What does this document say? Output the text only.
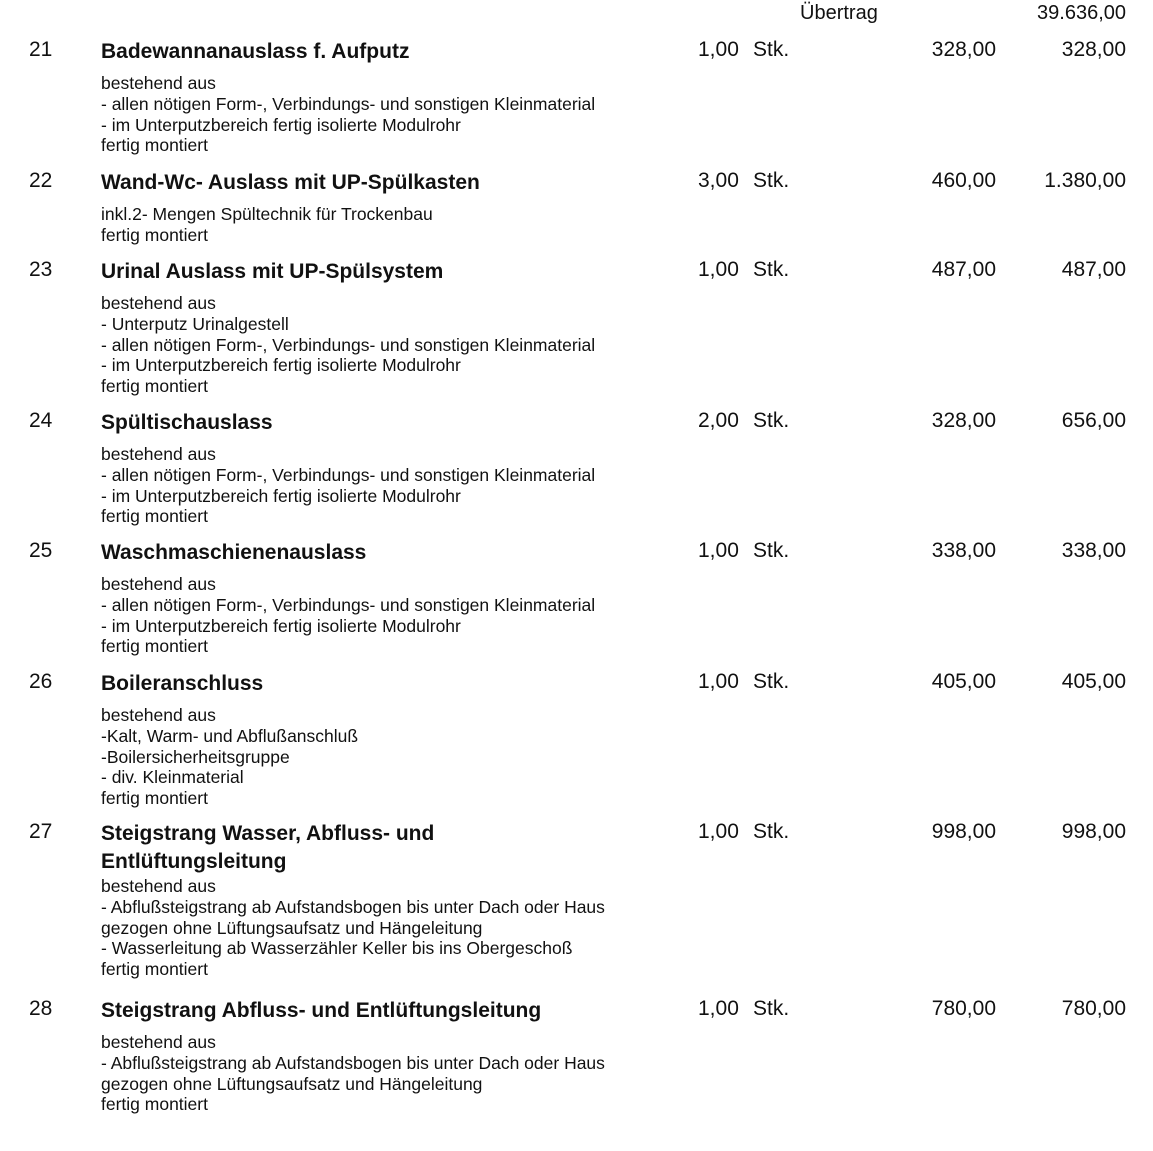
Übertrag	39.636,00
21 Badewannanauslass f. Aufputz	1,00 Stk.	328,00	328,00
bestehend aus
- allen nötigen Form-, Verbindungs- und sonstigen Kleinmaterial
- im Unterputzbereich fertig isolierte Modulrohr
fertig montiert
22 Wand-Wc- Auslass mit UP-Spülkasten	3,00 Stk.	460,00 1.380,00
inkl.2- Mengen Spültechnik für Trockenbau
fertig montiert
23 Urinal Auslass mit UP-Spülsystem	1,00 Stk.	487,00	487,00
bestehend aus
- Unterputz Urinalgestell
- allen nötigen Form-, Verbindungs- und sonstigen Kleinmaterial
- im Unterputzbereich fertig isolierte Modulrohr
fertig montiert
24 Spültischauslass	2,00 Stk.	328,00	656,00
bestehend aus
- allen nötigen Form-, Verbindungs- und sonstigen Kleinmaterial
- im Unterputzbereich fertig isolierte Modulrohr
fertig montiert
25 Waschmaschienenauslass	1,00 Stk.	338,00	338,00
bestehend aus
- allen nötigen Form-, Verbindungs- und sonstigen Kleinmaterial
- im Unterputzbereich fertig isolierte Modulrohr
fertig montiert
26 Boileranschluss	1,00 Stk.	405,00	405,00
bestehend aus
-Kalt, Warm- und Abflußanschluß
-Boilersicherheitsgruppe
- div. Kleinmaterial
fertig montiert
27 Steigstrang Wasser, Abfluss- und
Entlüftungsleitung
1,00 Stk.	998,00	998,00
bestehend aus
- Abflußsteigstrang ab Aufstandsbogen bis unter Dach oder Haus
gezogen ohne Lüftungsaufsatz und Hängeleitung
- Wasserleitung ab Wasserzähler Keller bis ins Obergeschoß
fertig montiert
28 Steigstrang Abfluss- und Entlüftungsleitung	1,00 Stk.	780,00	780,00
bestehend aus
- Abflußsteigstrang ab Aufstandsbogen bis unter Dach oder Haus
gezogen ohne Lüftungsaufsatz und Hängeleitung
fertig montiert
